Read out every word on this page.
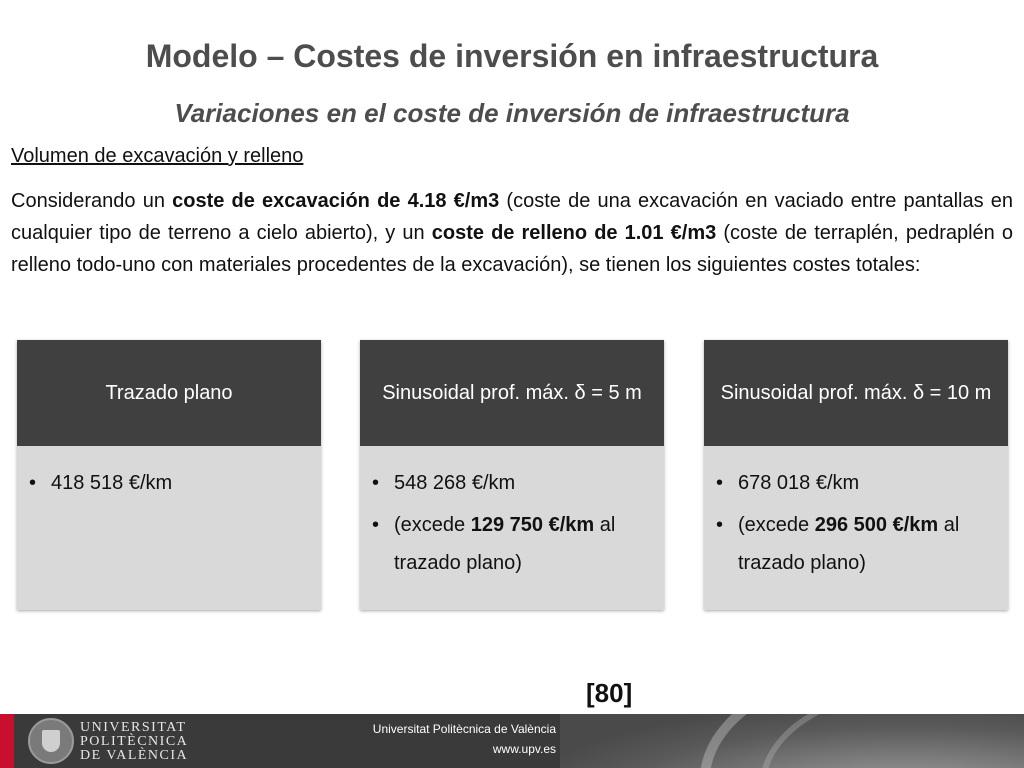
Modelo – Costes de inversión en infraestructura
Variaciones en el coste de inversión de infraestructura
Volumen de excavación y relleno

Considerando un coste de excavación de 4.18 €/m3 (coste de una excavación en vaciado entre pantallas en cualquier tipo de terreno a cielo abierto), y un coste de relleno de 1.01 €/m3 (coste de terraplén, pedraplén o relleno todo-uno con materiales procedentes de la excavación), se tienen los siguientes costes totales:

Trazado plano
• 418 518 €/km
Sinusoidal prof. máx. δ = 5 m
• 548 268 €/km
• (excede 129 750 €/km al trazado plano)
Sinusoidal prof. máx. δ = 10 m
• 678 018 €/km
• (excede 296 500 €/km al trazado plano)
[80]
UNIVERSITAT
POLITÈCNICA
DE VALÈNCIA
Universitat Politècnica de València
www.upv.es
